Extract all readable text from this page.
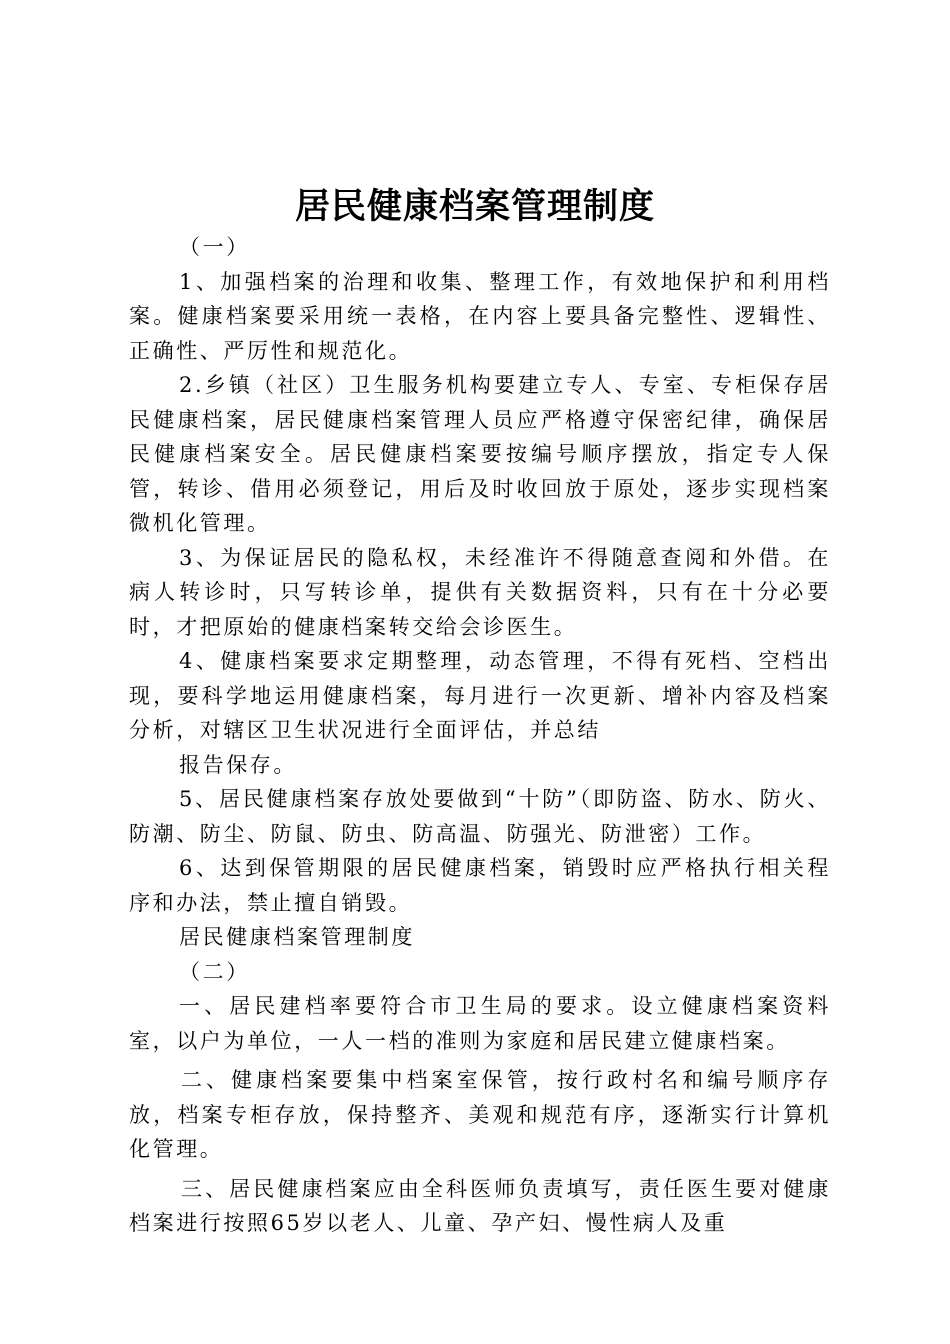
居民健康档案管理制度

（一）

1、加强档案的治理和收集、整理工作，有效地保护和利用档案。健康档案要采用统一表格，在内容上要具备完整性、逻辑性、正确性、严厉性和规范化。

2.乡镇（社区）卫生服务机构要建立专人、专室、专柜保存居民健康档案，居民健康档案管理人员应严格遵守保密纪律，确保居民健康档案安全。居民健康档案要按编号顺序摆放，指定专人保管，转诊、借用必须登记，用后及时收回放于原处，逐步实现档案微机化管理。

3、为保证居民的隐私权，未经准许不得随意查阅和外借。在病人转诊时，只写转诊单，提供有关数据资料，只有在十分必要时，才把原始的健康档案转交给会诊医生。

4、健康档案要求定期整理，动态管理，不得有死档、空档出现，要科学地运用健康档案，每月进行一次更新、增补内容及档案分析，对辖区卫生状况进行全面评估，并总结

报告保存。

5、居民健康档案存放处要做到“十防”（即防盗、防水、防火、防潮、防尘、防鼠、防虫、防高温、防强光、防泄密）工作。

6、达到保管期限的居民健康档案，销毁时应严格执行相关程序和办法，禁止擅自销毁。

居民健康档案管理制度

（二）

一、居民建档率要符合市卫生局的要求。设立健康档案资料室，以户为单位，一人一档的准则为家庭和居民建立健康档案。

二、健康档案要集中档案室保管，按行政村名和编号顺序存放，档案专柜存放，保持整齐、美观和规范有序，逐渐实行计算机化管理。

三、居民健康档案应由全科医师负责填写，责任医生要对健康档案进行按照65岁以老人、儿童、孕产妇、慢性病人及重
